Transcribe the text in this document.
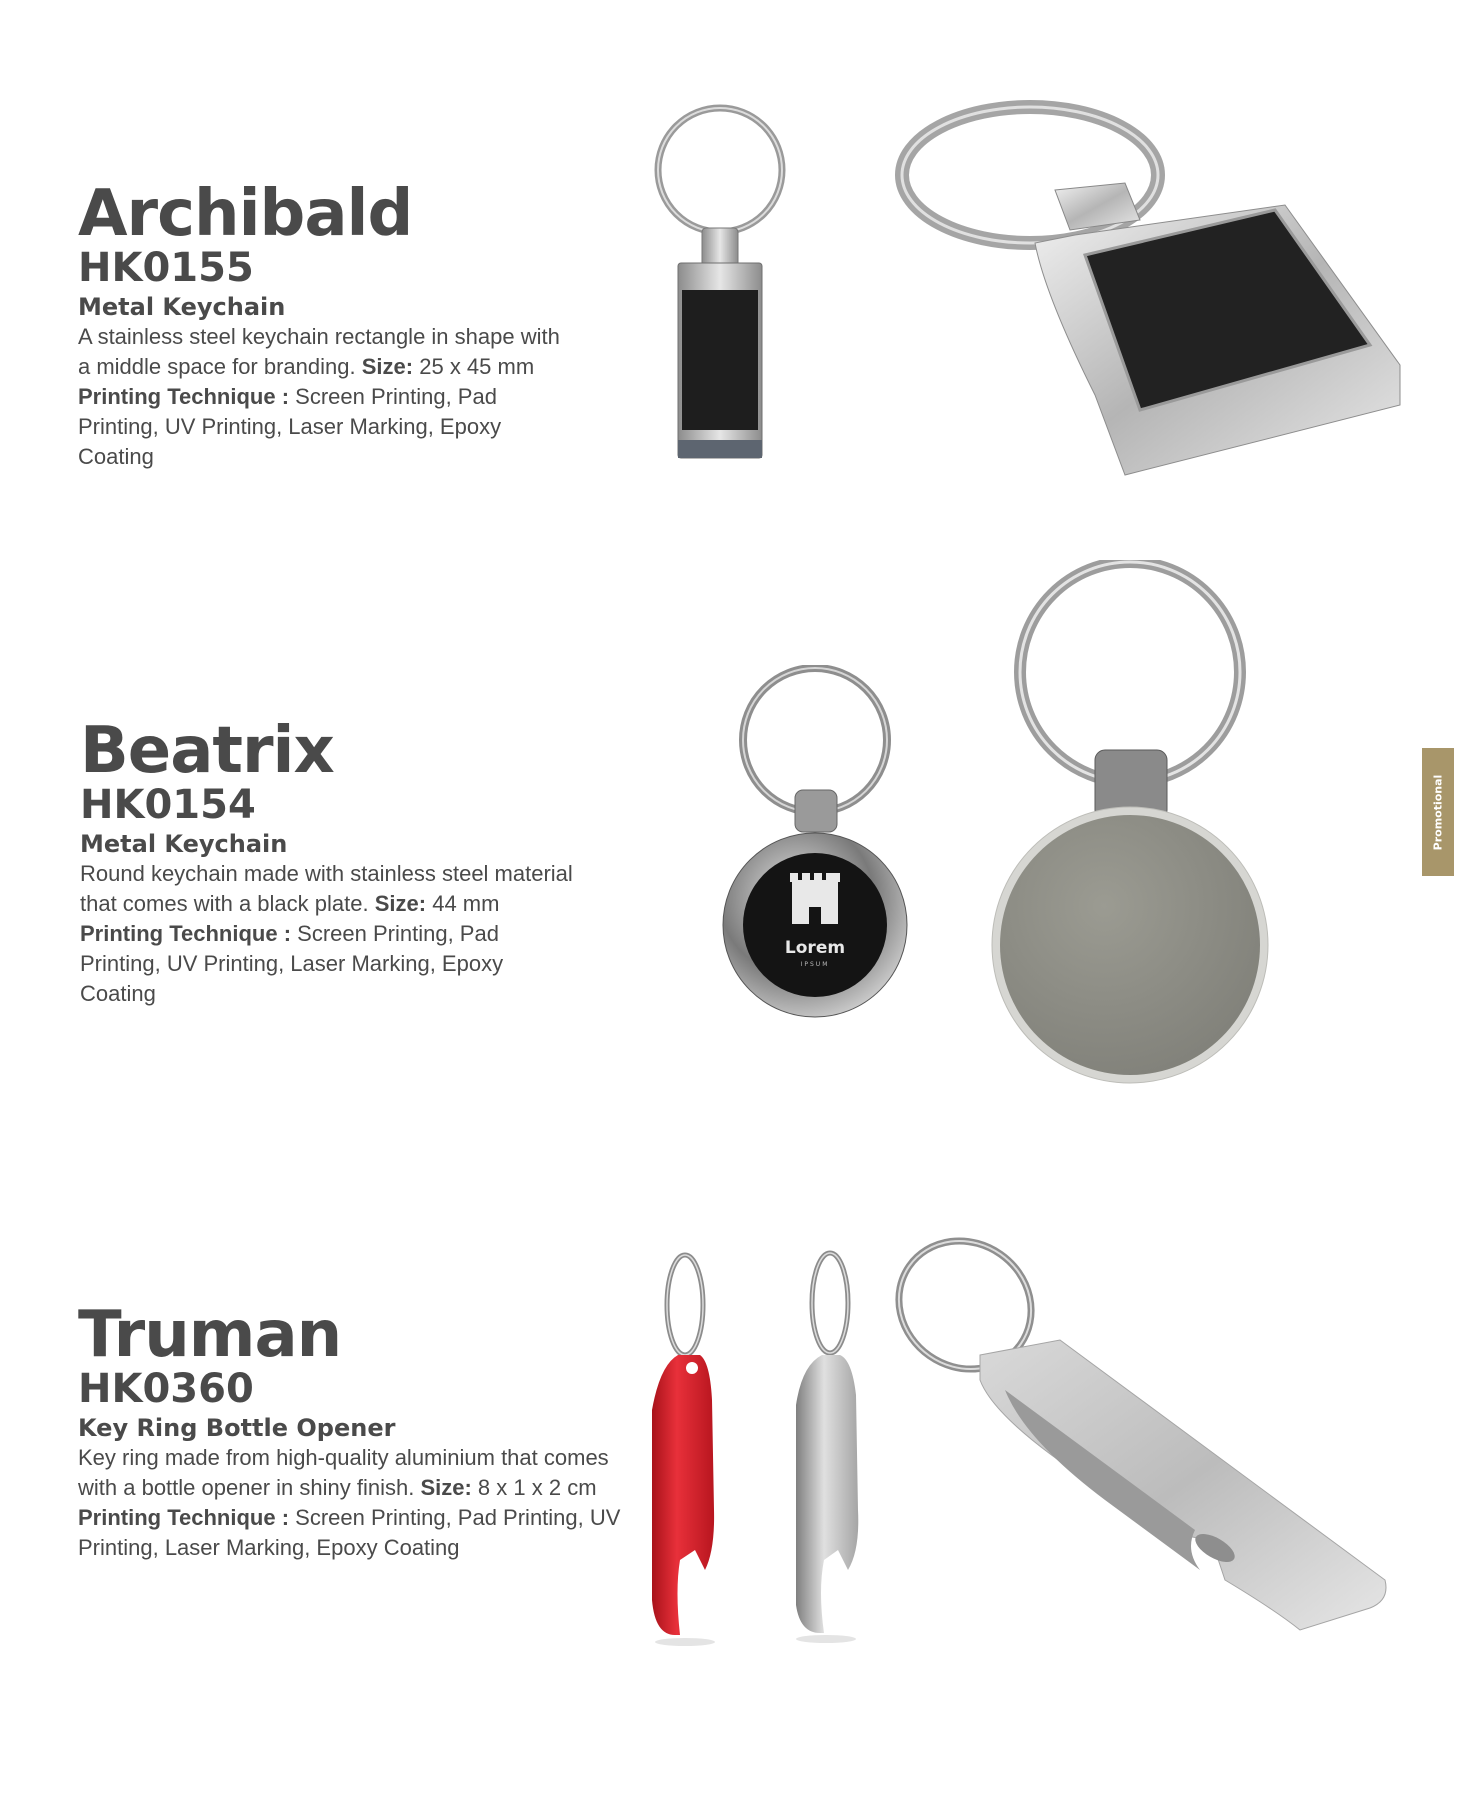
Archibald
HK0155
Metal Keychain

A stainless steel keychain rectangle in shape with a middle space for branding. Size: 25 x 45 mm
Printing Technique : Screen Printing, Pad Printing, UV Printing, Laser Marking, Epoxy Coating

Beatrix
HK0154
Metal Keychain

Round keychain made with stainless steel material that comes with a black plate. Size: 44 mm
Printing Technique : Screen Printing, Pad Printing, UV Printing, Laser Marking, Epoxy Coating

Lorem
IPSUM
Promotional
Truman
HK0360
Key Ring Bottle Opener

Key ring made from high-quality aluminium that comes with a bottle opener in shiny finish. Size: 8 x 1 x 2 cm
Printing Technique : Screen Printing, Pad Printing, UV Printing, Laser Marking, Epoxy Coating
